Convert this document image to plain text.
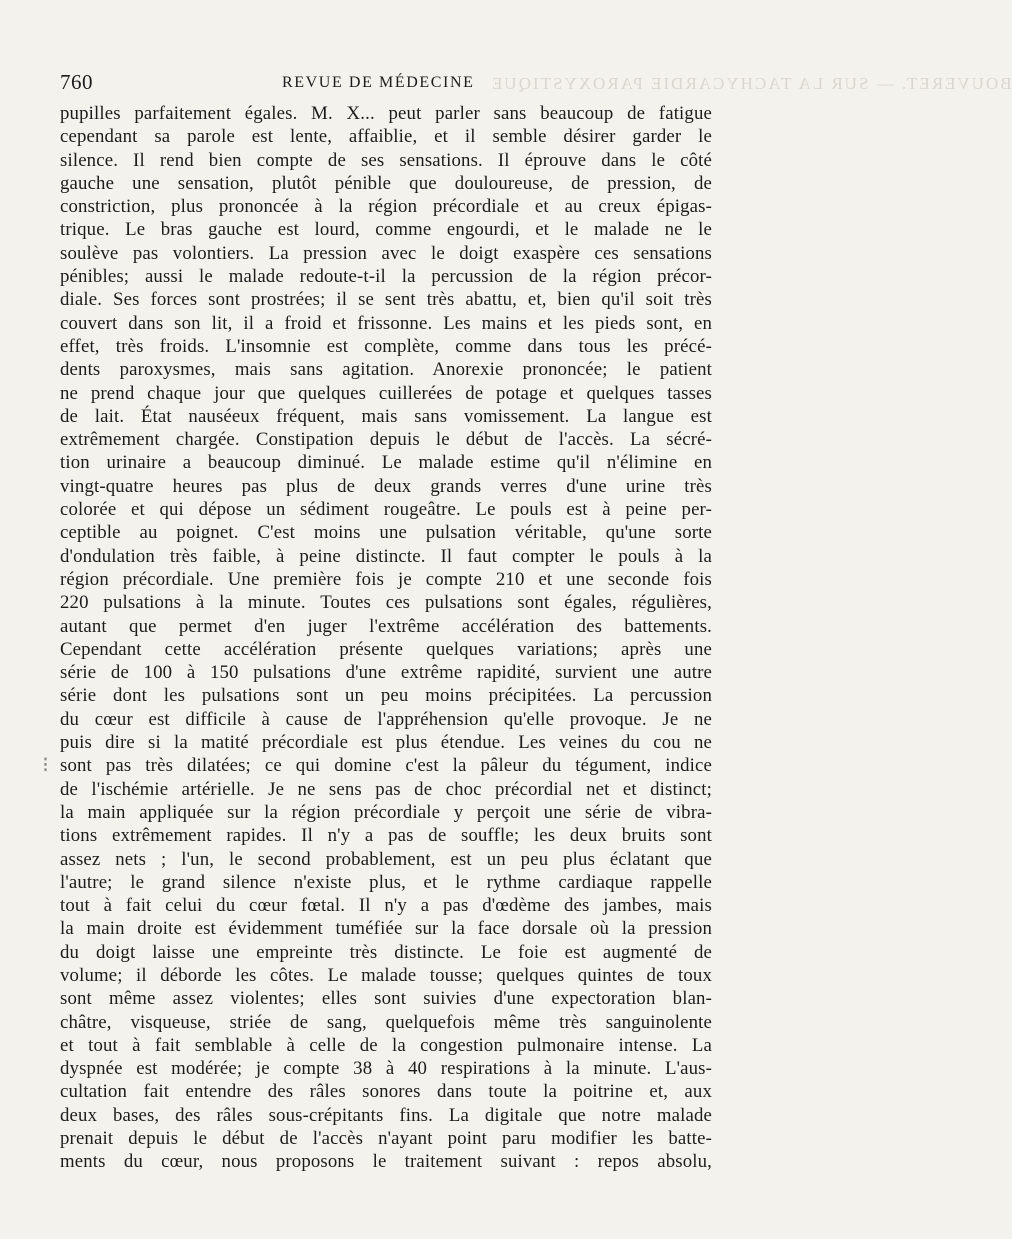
BOUVERET. — SUR LA TACHYCARDIE PAROXYSTIQUE
760	REVUE DE MÉDECINE
⁝
pupilles parfaitement égales. M. X... peut parler sans beaucoup de fatigue
cependant sa parole est lente, affaiblie, et il semble désirer garder le
silence. Il rend bien compte de ses sensations. Il éprouve dans le côté
gauche une sensation, plutôt pénible que douloureuse, de pression, de
constriction, plus prononcée à la région précordiale et au creux épigas-
trique. Le bras gauche est lourd, comme engourdi, et le malade ne le
soulève pas volontiers. La pression avec le doigt exaspère ces sensations
pénibles; aussi le malade redoute-t-il la percussion de la région précor-
diale. Ses forces sont prostrées; il se sent très abattu, et, bien qu'il soit très
couvert dans son lit, il a froid et frissonne. Les mains et les pieds sont, en
effet, très froids. L'insomnie est complète, comme dans tous les précé-
dents paroxysmes, mais sans agitation. Anorexie prononcée; le patient
ne prend chaque jour que quelques cuillerées de potage et quelques tasses
de lait. État nauséeux fréquent, mais sans vomissement. La langue est
extrêmement chargée. Constipation depuis le début de l'accès. La sécré-
tion urinaire a beaucoup diminué. Le malade estime qu'il n'élimine en
vingt-quatre heures pas plus de deux grands verres d'une urine très
colorée et qui dépose un sédiment rougeâtre. Le pouls est à peine per-
ceptible au poignet. C'est moins une pulsation véritable, qu'une sorte
d'ondulation très faible, à peine distincte. Il faut compter le pouls à la
région précordiale. Une première fois je compte 210 et une seconde fois
220 pulsations à la minute. Toutes ces pulsations sont égales, régulières,
autant que permet d'en juger l'extrême accélération des battements.
Cependant cette accélération présente quelques variations; après une
série de 100 à 150 pulsations d'une extrême rapidité, survient une autre
série dont les pulsations sont un peu moins précipitées. La percussion
du cœur est difficile à cause de l'appréhension qu'elle provoque. Je ne
puis dire si la matité précordiale est plus étendue. Les veines du cou ne
sont pas très dilatées; ce qui domine c'est la pâleur du tégument, indice
de l'ischémie artérielle. Je ne sens pas de choc précordial net et distinct;
la main appliquée sur la région précordiale y perçoit une série de vibra-
tions extrêmement rapides. Il n'y a pas de souffle; les deux bruits sont
assez nets ; l'un, le second probablement, est un peu plus éclatant que
l'autre; le grand silence n'existe plus, et le rythme cardiaque rappelle
tout à fait celui du cœur fœtal. Il n'y a pas d'œdème des jambes, mais
la main droite est évidemment tuméfiée sur la face dorsale où la pression
du doigt laisse une empreinte très distincte. Le foie est augmenté de
volume; il déborde les côtes. Le malade tousse; quelques quintes de toux
sont même assez violentes; elles sont suivies d'une expectoration blan-
châtre, visqueuse, striée de sang, quelquefois même très sanguinolente
et tout à fait semblable à celle de la congestion pulmonaire intense. La
dyspnée est modérée; je compte 38 à 40 respirations à la minute. L'aus-
cultation fait entendre des râles sonores dans toute la poitrine et, aux
deux bases, des râles sous-crépitants fins. La digitale que notre malade
prenait depuis le début de l'accès n'ayant point paru modifier les batte-
ments du cœur, nous proposons le traitement suivant : repos absolu,
